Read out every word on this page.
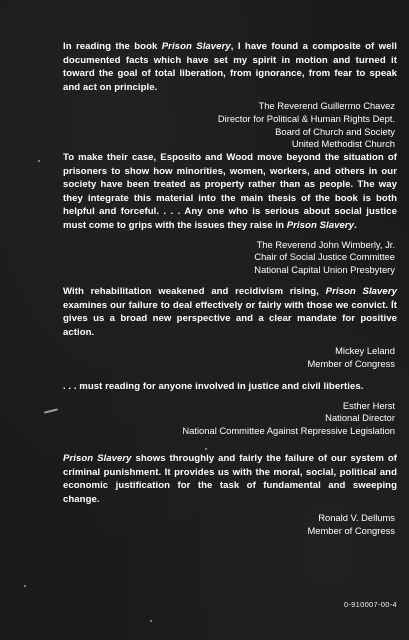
In reading the book Prison Slavery, I have found a composite of well documented facts which have set my spirit in motion and turned it toward the goal of total liberation, from ignorance, from fear to speak and act on principle.

The Reverend Guillermo Chavez
Director for Political & Human Rights Dept.
Board of Church and Society
United Methodist Church

To make their case, Esposito and Wood move beyond the situation of prisoners to show how minorities, women, workers, and others in our society have been treated as property rather than as people. The way they integrate this material into the main thesis of the book is both helpful and forceful. . . . Any one who is serious about social justice must come to grips with the issues they raise in Prison Slavery.

The Reverend John Wimberly, Jr.
Chair of Social Justice Committee
National Capital Union Presbytery

With rehabilitation weakened and recidivism rising, Prison Slavery examines our failure to deal effectively or fairly with those we convict. It gives us a broad new perspective and a clear mandate for positive action.

Mickey Leland
Member of Congress

. . . must reading for anyone involved in justice and civil liberties.

Esther Herst
National Director
National Committee Against Repressive Legislation

Prison Slavery shows throughly and fairly the failure of our system of criminal punishment. It provides us with the moral, social, political and economic justification for the task of fundamental and sweeping change.

Ronald V. Dellums
Member of Congress
0-910007-00-4
